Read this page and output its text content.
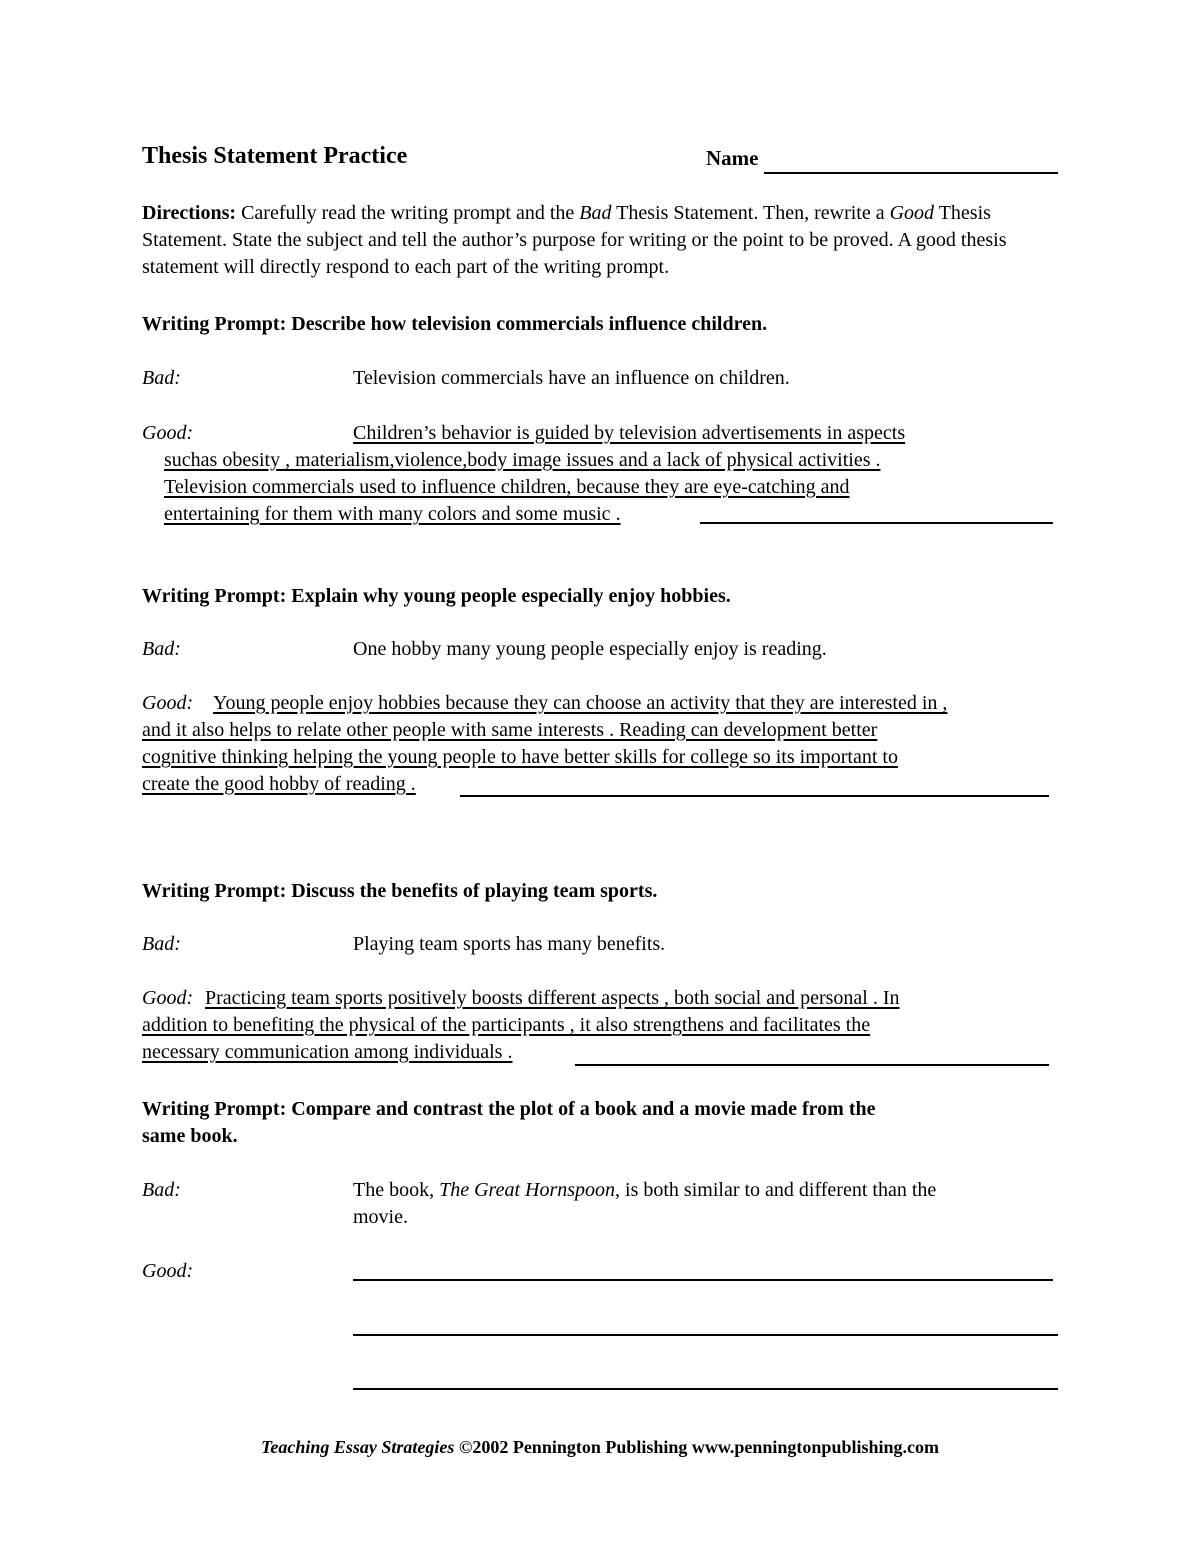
Thesis Statement Practice	Name
Directions: Carefully read the writing prompt and the Bad Thesis Statement. Then, rewrite a Good Thesis Statement. State the subject and tell the author’s purpose for writing or the point to be proved. A good thesis statement will directly respond to each part of the writing prompt.
Writing Prompt: Describe how television commercials influence children.
Bad:	Television commercials have an influence on children.
Good:	Children’s behavior is guided by television advertisements in aspects
suchas obesity , materialism,violence,body image issues and a lack of physical activities .
Television commercials used to influence children, because they are eye-catching and
entertaining for them with many colors and some music .
Writing Prompt: Explain why young people especially enjoy hobbies.
Bad:	One hobby many young people especially enjoy is reading.
Good: Young people enjoy hobbies because they can choose an activity that they are interested in ,
and it also helps to relate other people with same interests . Reading can development better
cognitive thinking helping the young people to have better skills for college so its important to
create the good hobby of reading .
Writing Prompt: Discuss the benefits of playing team sports.
Bad:	Playing team sports has many benefits.
Good: Practicing team sports positively boosts different aspects , both social and personal . In
addition to benefiting the physical of the participants , it also strengthens and facilitates the
necessary communication among individuals .
Writing Prompt: Compare and contrast the plot of a book and a movie made from the
same book.
Bad:	The book, The Great Hornspoon, is both similar to and different than the
movie.
Good:
Teaching Essay Strategies ©2002 Pennington Publishing www.penningtonpublishing.com
